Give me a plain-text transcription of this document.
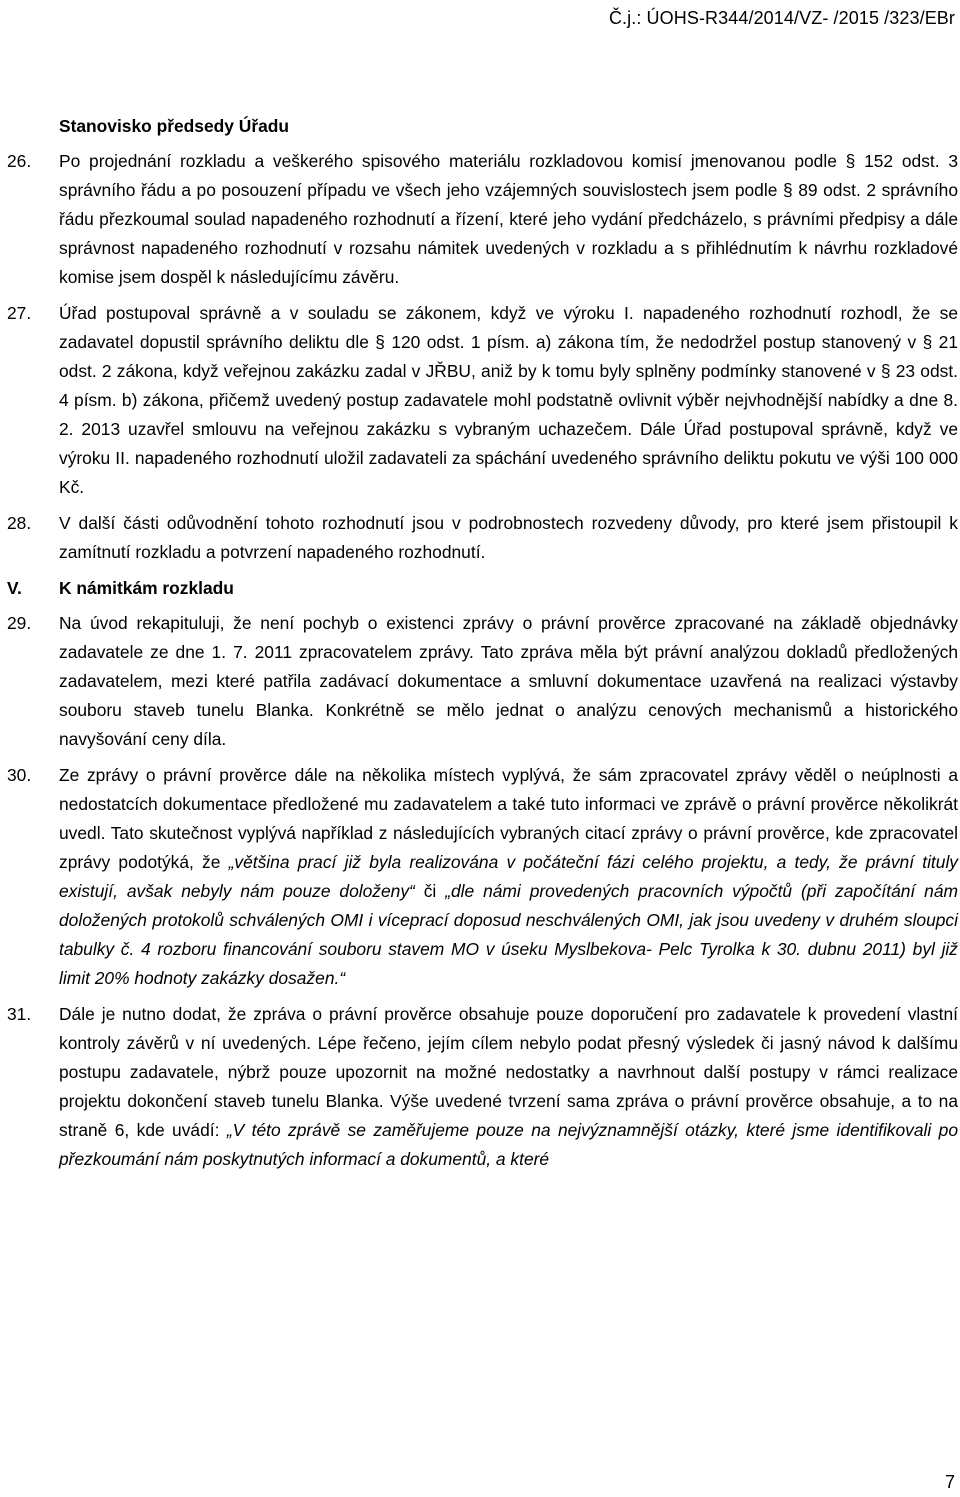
Č.j.: ÚOHS-R344/2014/VZ- /2015 /323/EBr
Stanovisko předsedy Úřadu
26. Po projednání rozkladu a veškerého spisového materiálu rozkladovou komisí jmenovanou podle § 152 odst. 3 správního řádu a po posouzení případu ve všech jeho vzájemných souvislostech jsem podle § 89 odst. 2 správního řádu přezkoumal soulad napadeného rozhodnutí a řízení, které jeho vydání předcházelo, s právními předpisy a dále správnost napadeného rozhodnutí v rozsahu námitek uvedených v rozkladu a s přihlédnutím k návrhu rozkladové komise jsem dospěl k následujícímu závěru.
27. Úřad postupoval správně a v souladu se zákonem, když ve výroku I. napadeného rozhodnutí rozhodl, že se zadavatel dopustil správního deliktu dle § 120 odst. 1 písm. a) zákona tím, že nedodržel postup stanovený v § 21 odst. 2 zákona, když veřejnou zakázku zadal v JŘBU, aniž by k tomu byly splněny podmínky stanovené v § 23 odst. 4 písm. b) zákona, přičemž uvedený postup zadavatele mohl podstatně ovlivnit výběr nejvhodnější nabídky a dne 8. 2. 2013 uzavřel smlouvu na veřejnou zakázku s vybraným uchazečem. Dále Úřad postupoval správně, když ve výroku II. napadeného rozhodnutí uložil zadavateli za spáchání uvedeného správního deliktu pokutu ve výši 100 000 Kč.
28. V další části odůvodnění tohoto rozhodnutí jsou v podrobnostech rozvedeny důvody, pro které jsem přistoupil k zamítnutí rozkladu a potvrzení napadeného rozhodnutí.
V. K námitkám rozkladu
29. Na úvod rekapituluji, že není pochyb o existenci zprávy o právní prověrce zpracované na základě objednávky zadavatele ze dne 1. 7. 2011 zpracovatelem zprávy. Tato zpráva měla být právní analýzou dokladů předložených zadavatelem, mezi které patřila zadávací dokumentace a smluvní dokumentace uzavřená na realizaci výstavby souboru staveb tunelu Blanka. Konkrétně se mělo jednat o analýzu cenových mechanismů a historického navyšování ceny díla.
30. Ze zprávy o právní prověrce dále na několika místech vyplývá, že sám zpracovatel zprávy věděl o neúplnosti a nedostatcích dokumentace předložené mu zadavatelem a také tuto informaci ve zprávě o právní prověrce několikrát uvedl. Tato skutečnost vyplývá například z následujících vybraných citací zprávy o právní prověrce, kde zpracovatel zprávy podotýká, že „většina prací již byla realizována v počáteční fázi celého projektu, a tedy, že právní tituly existují, avšak nebyly nám pouze doloženy“ či „dle námi provedených pracovních výpočtů (při započítání nám doložených protokolů schválených OMI i víceprací doposud neschválených OMI, jak jsou uvedeny v druhém sloupci tabulky č. 4 rozboru financování souboru stavem MO v úseku Myslbekova- Pelc Tyrolka k 30. dubnu 2011) byl již limit 20% hodnoty zakázky dosažen.“
31. Dále je nutno dodat, že zpráva o právní prověrce obsahuje pouze doporučení pro zadavatele k provedení vlastní kontroly závěrů v ní uvedených. Lépe řečeno, jejím cílem nebylo podat přesný výsledek či jasný návod k dalšímu postupu zadavatele, nýbrž pouze upozornit na možné nedostatky a navrhnout další postupy v rámci realizace projektu dokončení staveb tunelu Blanka. Výše uvedené tvrzení sama zpráva o právní prověrce obsahuje, a to na straně 6, kde uvádí: „V této zprávě se zaměřujeme pouze na nejvýznamnější otázky, které jsme identifikovali po přezkoumání nám poskytnutých informací a dokumentů, a které
7
